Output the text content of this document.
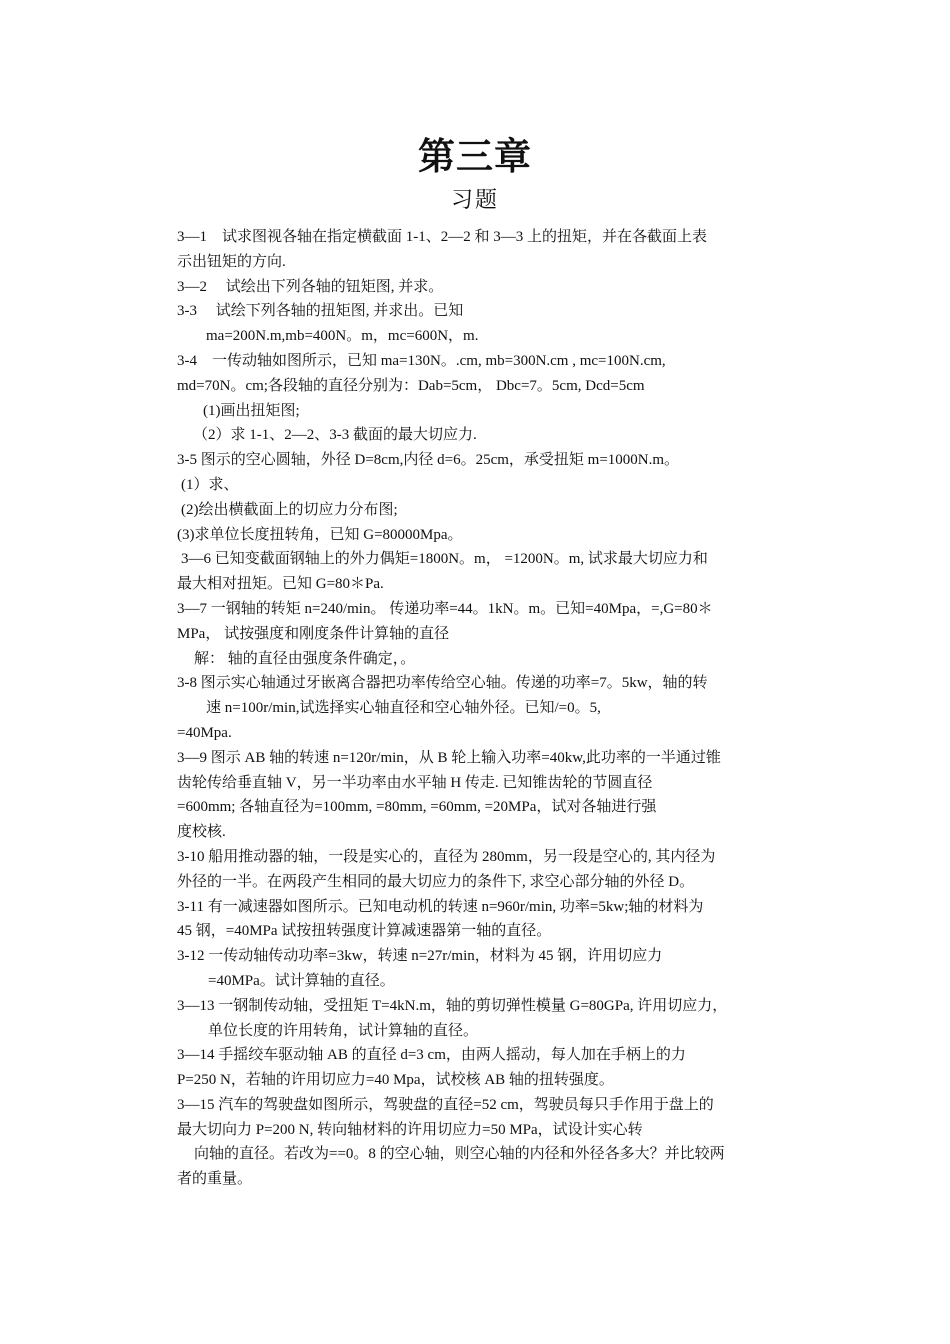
第三章
习题
3—1　试求图视各轴在指定横截面 1-1、2—2 和 3—3 上的扭矩，并在各截面上表
示出钮矩的方向.
3—2　 试绘出下列各轴的钮矩图, 并求。
3-3　 试绘下列各轴的扭矩图, 并求出。已知
ma=200N.m,mb=400N。m，mc=600N，m.
3-4　一传动轴如图所示，已知 ma=130N。.cm, mb=300N.cm , mc=100N.cm,
md=70N。cm;各段轴的直径分别为：Dab=5cm， Dbc=7。5cm, Dcd=5cm
(1)画出扭矩图;
（2）求 1-1、2—2、3-3 截面的最大切应力.
3-5 图示的空心圆轴，外径 D=8cm,内径 d=6。25cm，承受扭矩 m=1000N.m。
(1）求、
(2)绘出横截面上的切应力分布图;
(3)求单位长度扭转角，已知 G=80000Mpa。
3—6 已知变截面钢轴上的外力偶矩=1800N。m， =1200N。m, 试求最大切应力和
最大相对扭矩。已知 G=80＊Pa.
3—7 一钢轴的转矩 n=240/min。 传递功率=44。1kN。m。已知=40Mpa，=,G=80＊
MPa， 试按强度和刚度条件计算轴的直径
解： 轴的直径由强度条件确定，。
3-8 图示实心轴通过牙嵌离合器把功率传给空心轴。传递的功率=7。5kw，轴的转
速 n=100r/min,试选择实心轴直径和空心轴外径。已知/=0。5,
=40Mpa.
3—9 图示 AB 轴的转速 n=120r/min，从 B 轮上输入功率=40kw,此功率的一半通过锥
齿轮传给垂直轴 V，另一半功率由水平轴 H 传走. 已知锥齿轮的节圆直径
=600mm; 各轴直径为=100mm, =80mm, =60mm, =20MPa，试对各轴进行强
度校核.
3-10 船用推动器的轴，一段是实心的，直径为 280mm，另一段是空心的, 其内径为
外径的一半。在两段产生相同的最大切应力的条件下, 求空心部分轴的外径 D。
3-11 有一减速器如图所示。已知电动机的转速 n=960r/min, 功率=5kw;轴的材料为
45 钢，=40MPa 试按扭转强度计算减速器第一轴的直径。
3-12 一传动轴传动功率=3kw，转速 n=27r/min，材料为 45 钢，许用切应力
=40MPa。试计算轴的直径。
3—13 一钢制传动轴，受扭矩 T=4kN.m，轴的剪切弹性模量 G=80GPa, 许用切应力，
单位长度的许用转角，试计算轴的直径。
3—14 手摇绞车驱动轴 AB 的直径 d=3 cm，由两人摇动，每人加在手柄上的力
P=250 N，若轴的许用切应力=40 Mpa，试校核 AB 轴的扭转强度。
3—15 汽车的驾驶盘如图所示，驾驶盘的直径=52 cm，驾驶员每只手作用于盘上的
最大切向力 P=200 N, 转向轴材料的许用切应力=50 MPa，试设计实心转
向轴的直径。若改为==0。8 的空心轴，则空心轴的内径和外径各多大？并比较两
者的重量。
